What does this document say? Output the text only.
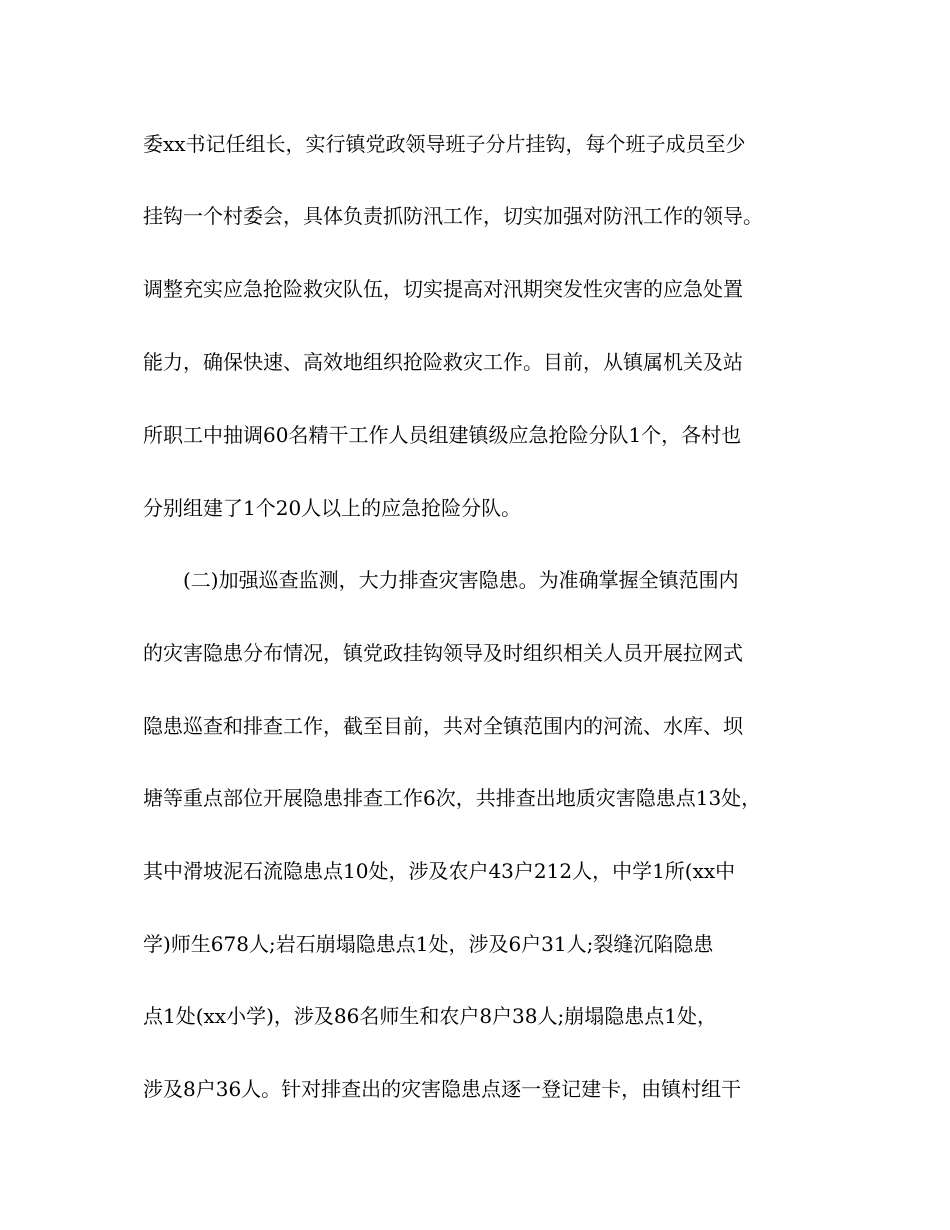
委xx书记任组长，实行镇党政领导班子分片挂钩，每个班子成员至少

挂钩一个村委会，具体负责抓防汛工作，切实加强对防汛工作的领导。

调整充实应急抢险救灾队伍，切实提高对汛期突发性灾害的应急处置

能力，确保快速、高效地组织抢险救灾工作。目前，从镇属机关及站

所职工中抽调60名精干工作人员组建镇级应急抢险分队1个，各村也

分别组建了1个20人以上的应急抢险分队。

(二)加强巡查监测，大力排查灾害隐患。为准确掌握全镇范围内

的灾害隐患分布情况，镇党政挂钩领导及时组织相关人员开展拉网式

隐患巡查和排查工作，截至目前，共对全镇范围内的河流、水库、坝

塘等重点部位开展隐患排查工作6次，共排查出地质灾害隐患点13处，

其中滑坡泥石流隐患点10处，涉及农户43户212人，中学1所(xx中

学)师生678人;岩石崩塌隐患点1处，涉及6户31人;裂缝沉陷隐患

点1处(xx小学)，涉及86名师生和农户8户38人;崩塌隐患点1处，

涉及8户36人。针对排查出的灾害隐患点逐一登记建卡，由镇村组干
